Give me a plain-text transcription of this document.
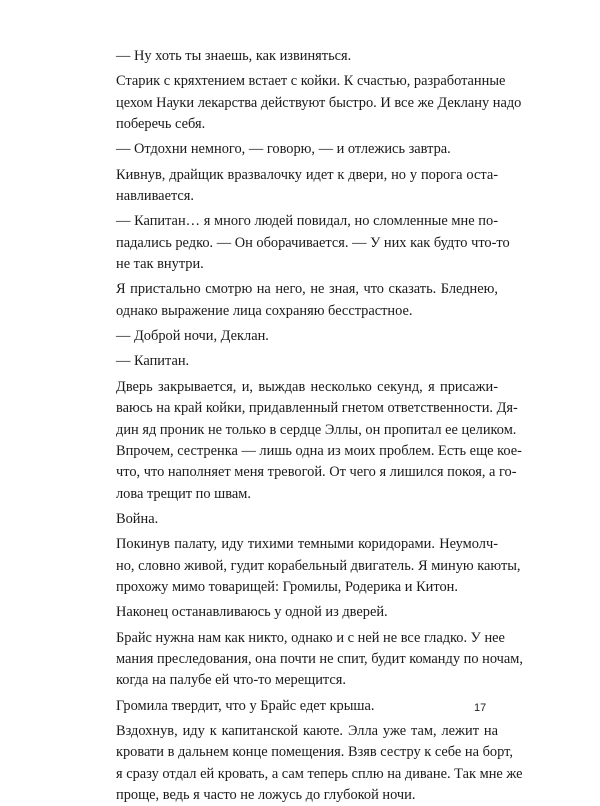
— Ну хоть ты знаешь, как извиняться.
Старик с кряхтением встает с койки. К счастью, разработанные
цехом Науки лекарства действуют быстро. И все же Деклану надо
поберечь себя.
— Отдохни немного, — говорю, — и отлежись завтра.
Кивнув, драйщик вразвалочку идет к двери, но у порога оста-
навливается.
— Капитан… я много людей повидал, но сломленные мне по-
падались редко. — Он оборачивается. — У них как будто что-то
не так внутри.
Я пристально смотрю на него, не зная, что сказать. Бледнею,
однако выражение лица сохраняю бесстрастное.
— Доброй ночи, Деклан.
— Капитан.
Дверь закрывается, и, выждав несколько секунд, я присажи-
ваюсь на край койки, придавленный гнетом ответственности. Дя-
дин яд проник не только в сердце Эллы, он пропитал ее целиком.
Впрочем, сестренка — лишь одна из моих проблем. Есть еще кое-
что, что наполняет меня тревогой. От чего я лишился покоя, а го-
лова трещит по швам.
Война.
Покинув палату, иду тихими темными коридорами. Неумолч-
но, словно живой, гудит корабельный двигатель. Я миную каюты,
прохожу мимо товарищей: Громилы, Родерика и Китон.
Наконец останавливаюсь у одной из дверей.
Брайс нужна нам как никто, однако и с ней не все гладко. У нее
мания преследования, она почти не спит, будит команду по ночам,
когда на палубе ей что-то мерещится.
Громила твердит, что у Брайс едет крыша.
Вздохнув, иду к капитанской каюте. Элла уже там, лежит на
кровати в дальнем конце помещения. Взяв сестру к себе на борт,
я сразу отдал ей кровать, а сам теперь сплю на диване. Так мне же
проще, ведь я часто не ложусь до глубокой ночи.
17
